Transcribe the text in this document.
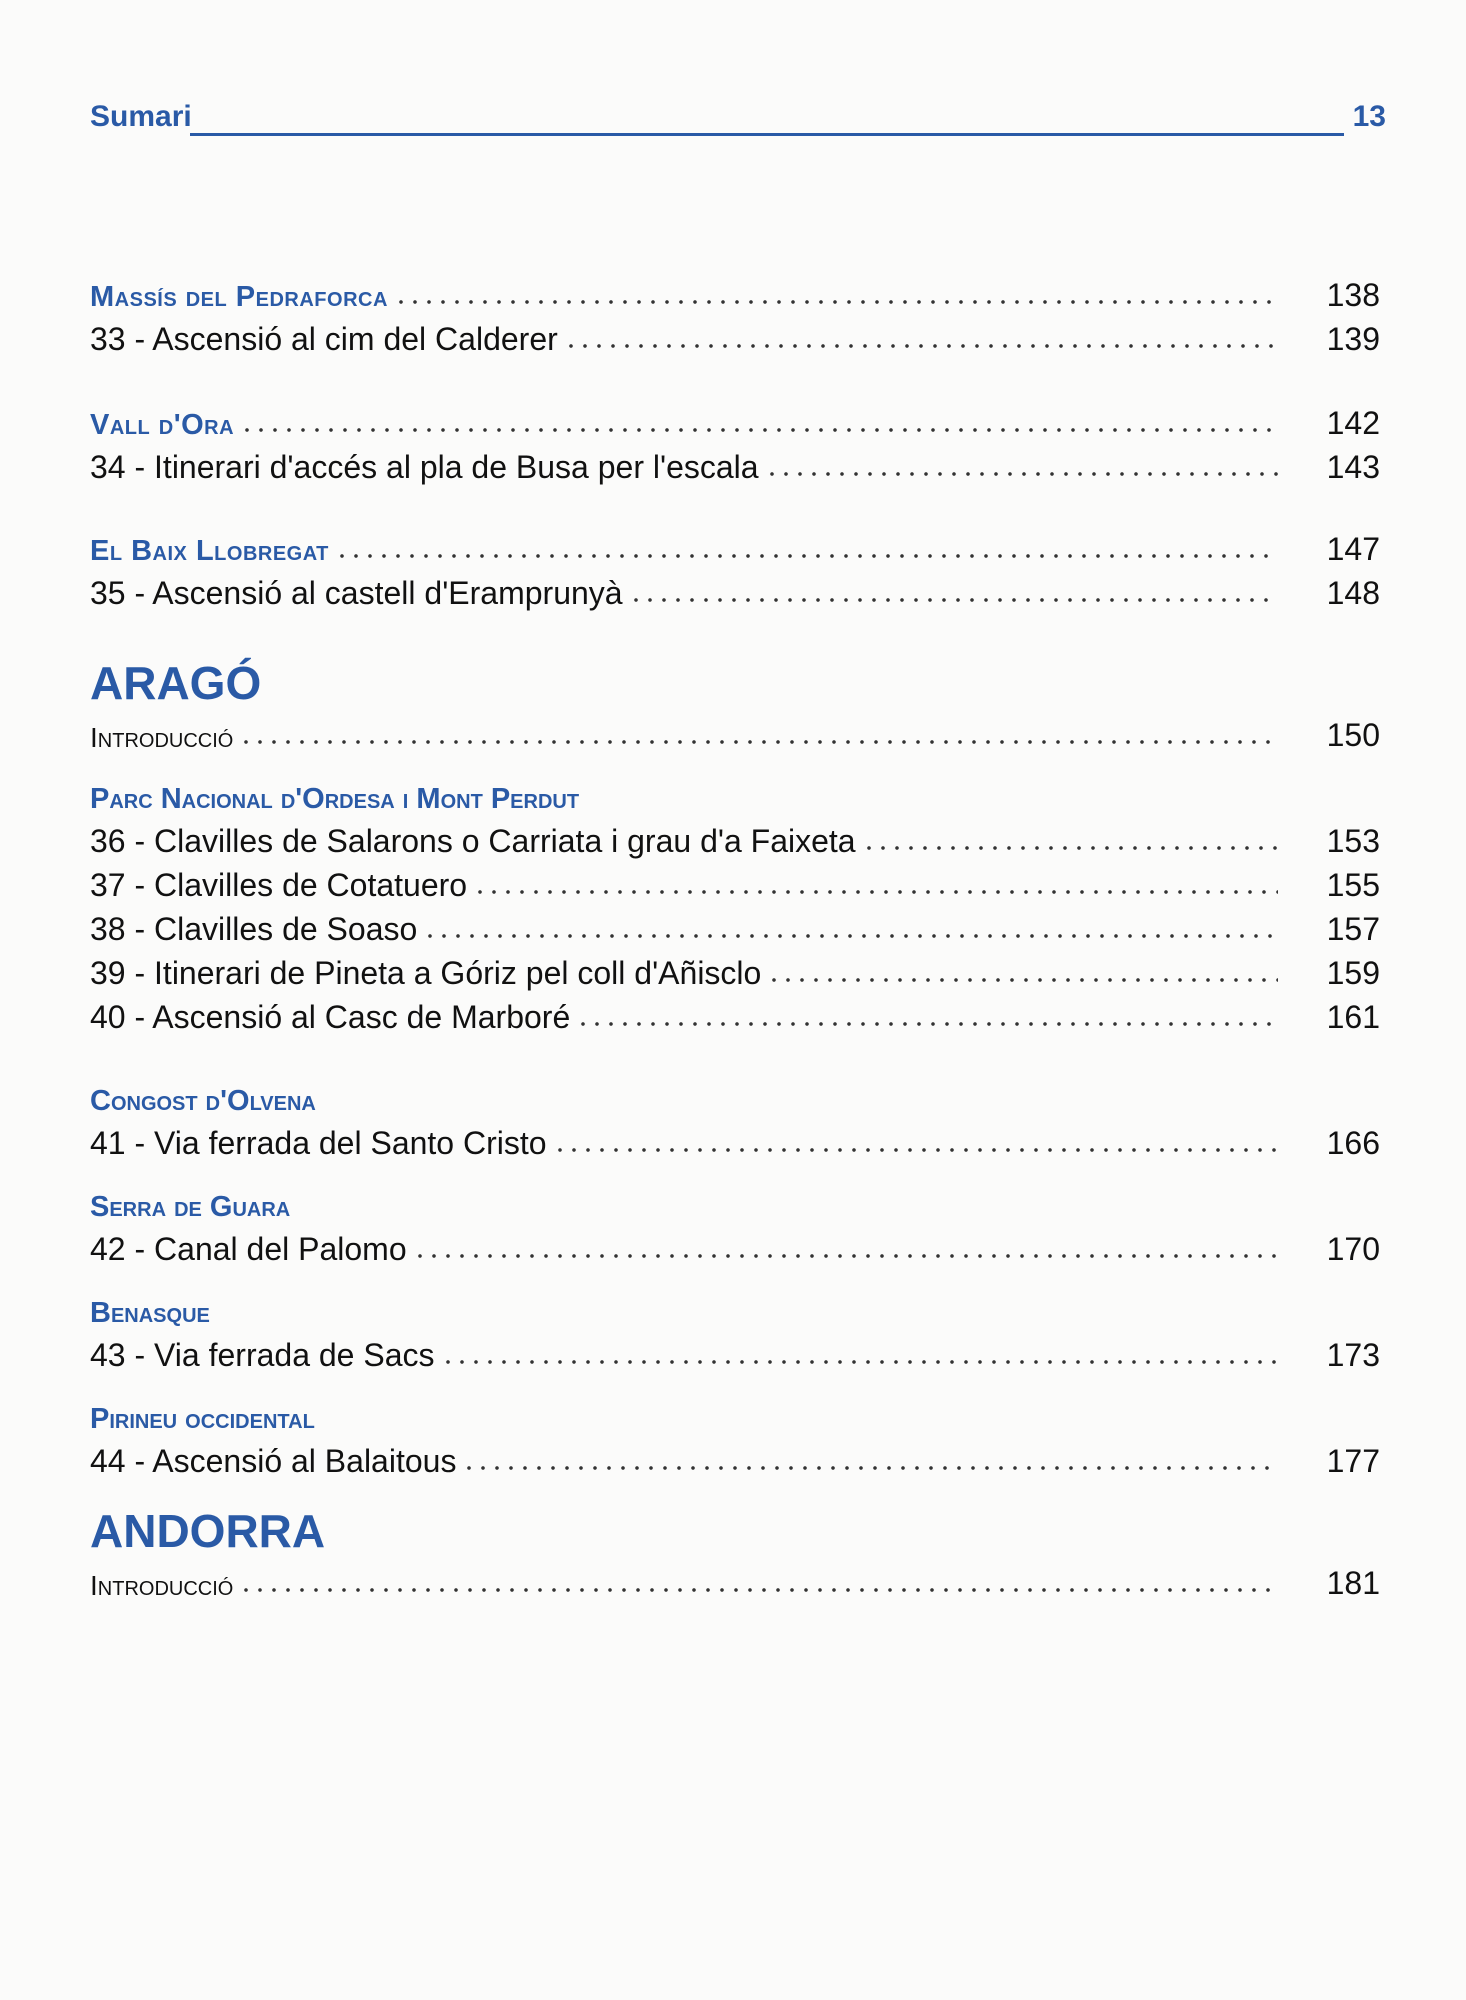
Sumari	13
Massís del Pedraforca	138
33 - Ascensió al cim del Calderer	139
Vall d'Ora	142
34 - Itinerari d'accés al pla de Busa per l'escala	143
El Baix Llobregat	147
35 - Ascensió al castell d'Eramprunyà	148
ARAGÓ
Introducció	150
Parc Nacional d'Ordesa i Mont Perdut
36 - Clavilles de Salarons o Carriata i grau d'a Faixeta	153
37 - Clavilles de Cotatuero	155
38 - Clavilles de Soaso	157
39 - Itinerari de Pineta a Góriz pel coll d'Añisclo	159
40 - Ascensió al Casc de Marboré	161
Congost d'Olvena
41 - Via ferrada del Santo Cristo	166
Serra de Guara
42 - Canal del Palomo	170
Benasque
43 - Via ferrada de Sacs	173
Pirineu occidental
44 - Ascensió al Balaitous	177
ANDORRA
Introducció	181
